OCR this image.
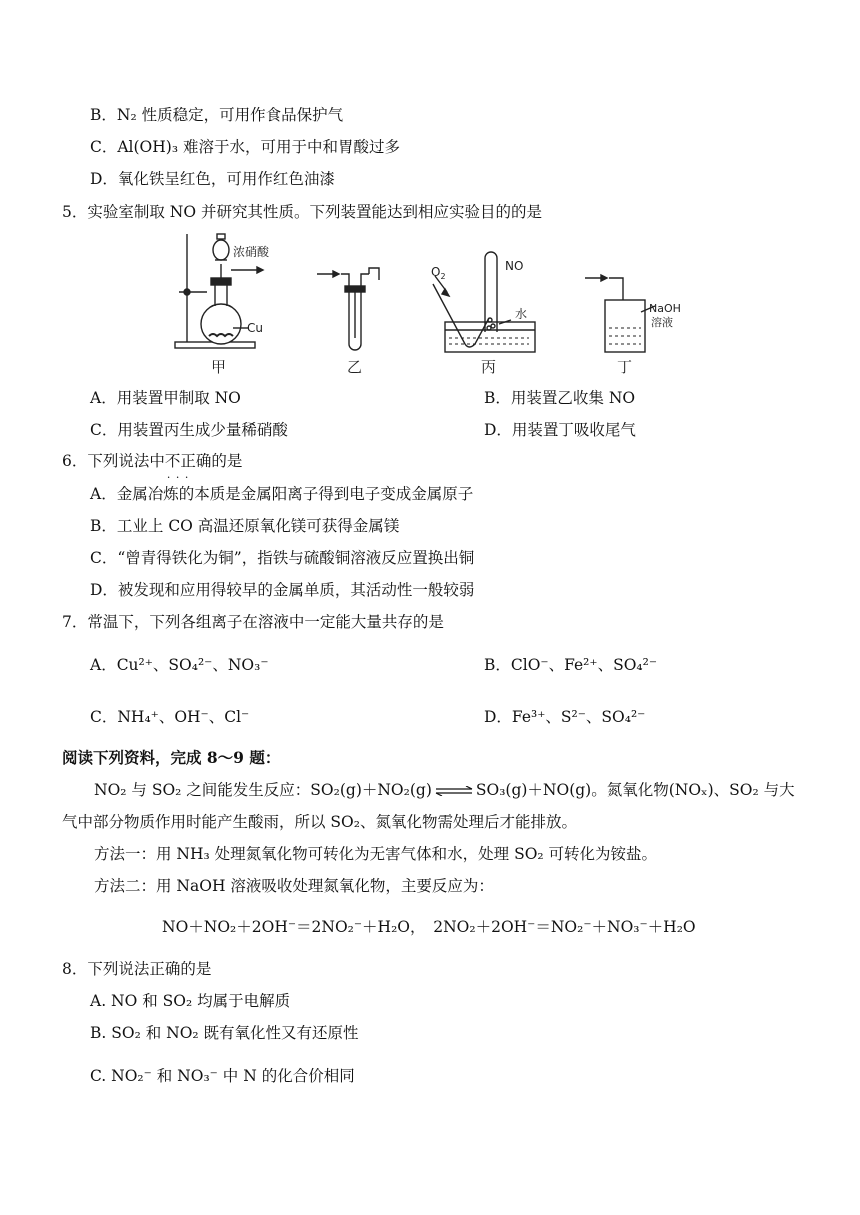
B．N₂ 性质稳定，可用作食品保护气
C．Al(OH)₃ 难溶于水，可用于中和胃酸过多
D．氧化铁呈红色，可用作红色油漆
5．实验室制取 NO 并研究其性质。下列装置能达到相应实验目的的是
浓硝酸
Cu
$O_2$
NO
水	NaOH
溶液
甲	乙	丙	丁
A．用装置甲制取 NO	B．用装置乙收集 NO
C．用装置丙生成少量稀硝酸	D．用装置丁吸收尾气
6．下列说法中不正确 · · ·的是
A．金属冶炼的本质是金属阳离子得到电子变成金属原子
B．工业上 CO 高温还原氧化镁可获得金属镁
C．“曾青得铁化为铜”，指铁与硫酸铜溶液反应置换出铜
D．被发现和应用得较早的金属单质，其活动性一般较弱
7．常温下，下列各组离子在溶液中一定能大量共存的是
A．Cu²⁺、SO₄²⁻、NO₃⁻	B．ClO⁻、Fe²⁺、SO₄²⁻
C．NH₄⁺、OH⁻、Cl⁻	D．Fe³⁺、S²⁻、SO₄²⁻
阅读下列资料，完成 8～9 题：
NO₂ 与 SO₂ 之间能发生反应：SO₂(g)＋NO₂(g) ⇌ SO₃(g)＋NO(g)。氮氧化物(NOₓ)、SO₂ 与大
气中部分物质作用时能产生酸雨，所以 SO₂、氮氧化物需处理后才能排放。
方法一：用 NH₃ 处理氮氧化物可转化为无害气体和水，处理 SO₂ 可转化为铵盐。
方法二：用 NaOH 溶液吸收处理氮氧化物，主要反应为：
NO＋NO₂＋2OH⁻＝2NO₂⁻＋H₂O，　2NO₂＋2OH⁻＝NO₂⁻＋NO₃⁻＋H₂O
8．下列说法正确的是
A. NO 和 SO₂ 均属于电解质
B. SO₂ 和 NO₂ 既有氧化性又有还原性
C. NO₂⁻ 和 NO₃⁻ 中 N 的化合价相同
